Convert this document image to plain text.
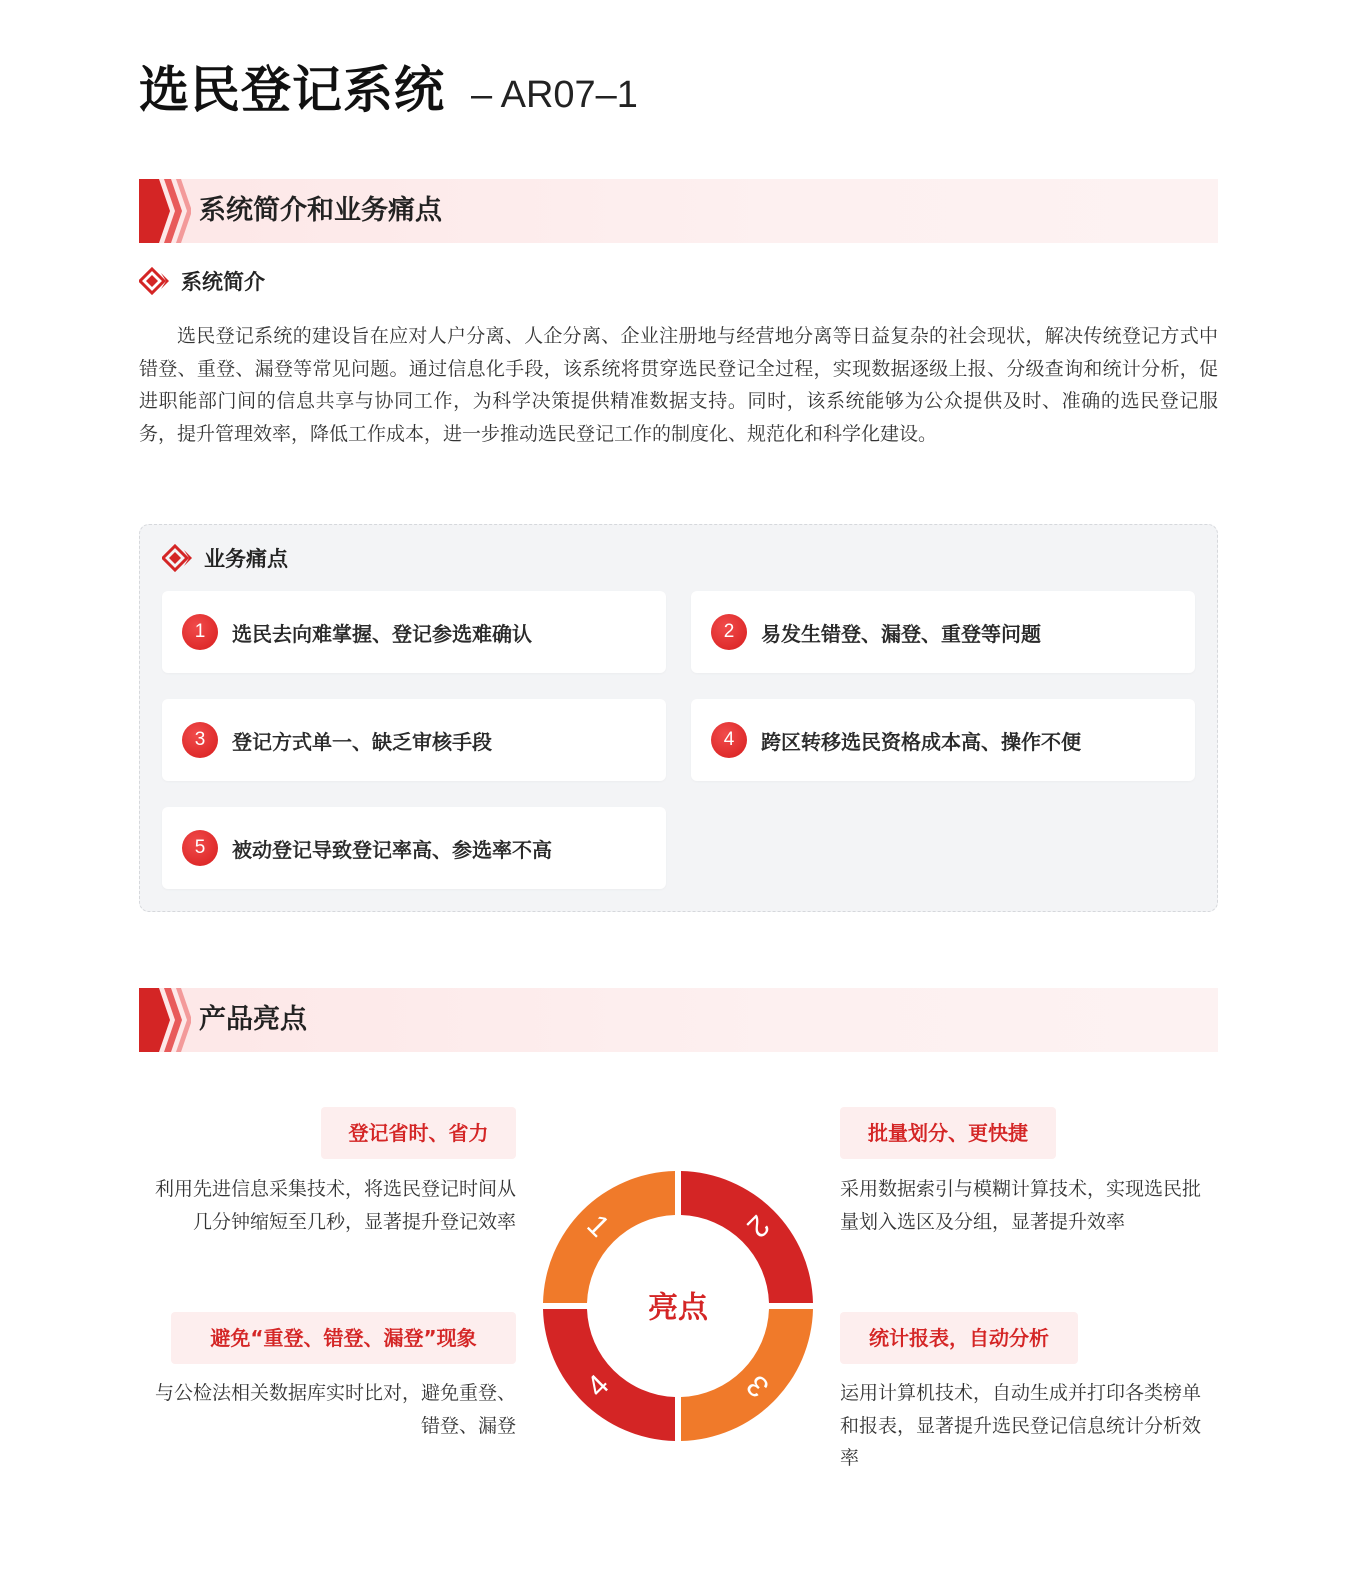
选民登记系统 – AR07–1
系统简介和业务痛点
系统简介

选民登记系统的建设旨在应对人户分离、人企分离、企业注册地与经营地分离等日益复杂的社会现状，解决传统登记方式中错登、重登、漏登等常见问题。通过信息化手段，该系统将贯穿选民登记全过程，实现数据逐级上报、分级查询和统计分析，促进职能部门间的信息共享与协同工作，为科学决策提供精准数据支持。同时，该系统能够为公众提供及时、准确的选民登记服务，提升管理效率，降低工作成本，进一步推动选民登记工作的制度化、规范化和科学化建设。

业务痛点
1	选民去向难掌握、登记参选难确认	2	易发生错登、漏登、重登等问题
3	登记方式单一、缺乏审核手段	4	跨区转移选民资格成本高、操作不便
5	被动登记导致登记率高、参选率不高
产品亮点
登记省时、省力

利用先进信息采集技术，将选民登记时间从几分钟缩短至几秒，显著提升登记效率

批量划分、更快捷

采用数据索引与模糊计算技术，实现选民批量划入选区及分组，显著提升效率

避免“重登、错登、漏登”现象

与公检法相关数据库实时比对，避免重登、错登、漏登

统计报表，自动分析

运用计算机技术，自动生成并打印各类榜单和报表，显著提升选民登记信息统计分析效率

1	2
3
4
亮点
